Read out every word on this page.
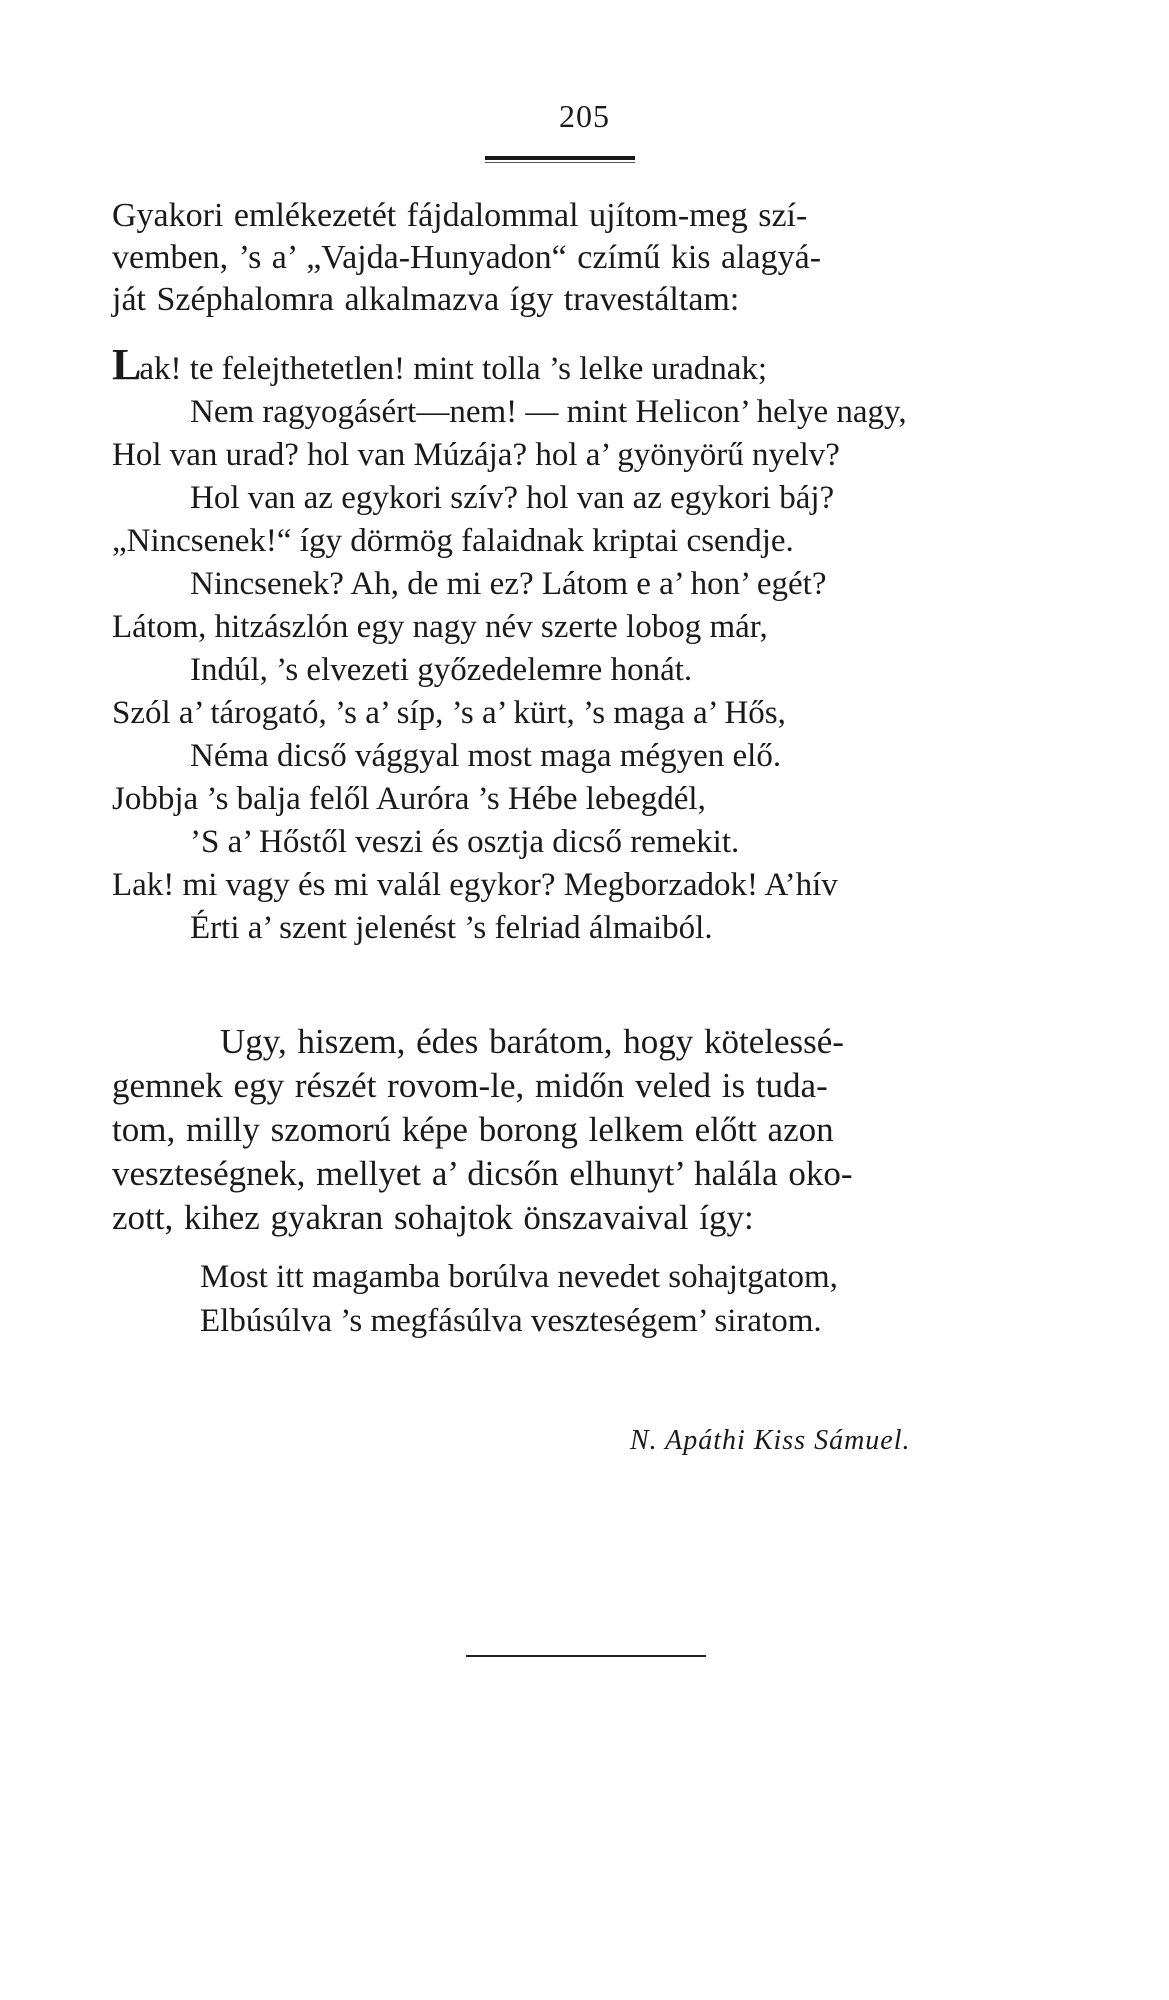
205
Gyakori emlékezetét fájdalommal ujítom-meg szí-
vemben, ’s a’ „Vajda-Hunyadon“ czímű kis alagyá-
ját Széphalomra alkalmazva így travestáltam:
Lak! te felejthetetlen! mint tolla ’s lelke uradnak;
Nem ragyogásért—nem! — mint Helicon’ helye nagy,
Hol van urad? hol van Múzája? hol a’ gyönyörű nyelv?
Hol van az egykori szív? hol van az egykori báj?
„Nincsenek!“ így dörmög falaidnak kriptai csendje.
Nincsenek? Ah, de mi ez? Látom e a’ hon’ egét?
Látom, hitzászlón egy nagy név szerte lobog már,
Indúl, ’s elvezeti győzedelemre honát.
Szól a’ tárogató, ’s a’ síp, ’s a’ kürt, ’s maga a’ Hős,
Néma dicső vággyal most maga mégyen elő.
Jobbja ’s balja felől Auróra ’s Hébe lebegdél,
’S a’ Hőstől veszi és osztja dicső remekit.
Lak! mi vagy és mi valál egykor? Megborzadok! A’hív
Érti a’ szent jelenést ’s felriad álmaiból.
Ugy, hiszem, édes barátom, hogy kötelessé-
gemnek egy részét rovom-le, midőn veled is tuda-
tom, milly szomorú képe borong lelkem előtt azon
veszteségnek, mellyet a’ dicsőn elhunyt’ halála oko-
zott, kihez gyakran sohajtok önszavaival így:
Most itt magamba borúlva nevedet sohajtgatom,
Elbúsúlva ’s megfásúlva veszteségem’ siratom.
N. Apáthi Kiss Sámuel.
